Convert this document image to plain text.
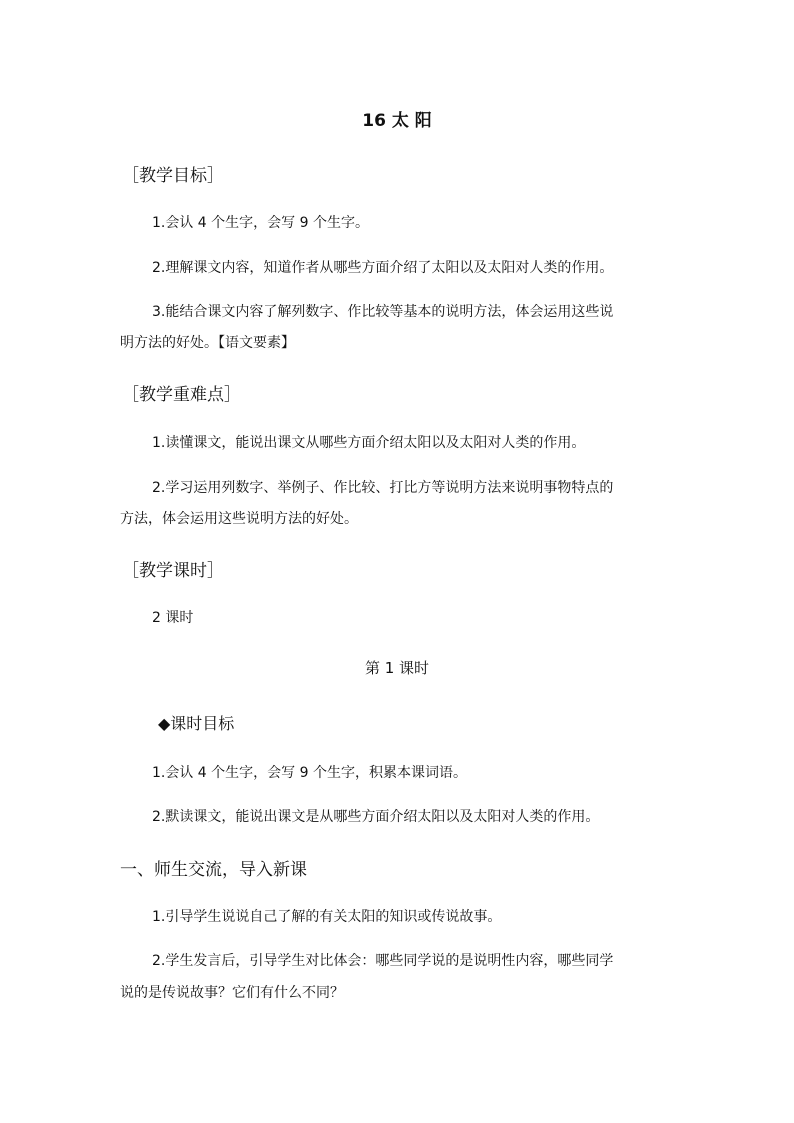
16 太 阳
［教学目标］
1.会认 4 个生字，会写 9 个生字。
2.理解课文内容，知道作者从哪些方面介绍了太阳以及太阳对人类的作用。
3.能结合课文内容了解列数字、作比较等基本的说明方法，体会运用这些说
明方法的好处。【语文要素】
［教学重难点］
1.读懂课文，能说出课文从哪些方面介绍太阳以及太阳对人类的作用。
2.学习运用列数字、举例子、作比较、打比方等说明方法来说明事物特点的
方法，体会运用这些说明方法的好处。
［教学课时］
2 课时
第 1 课时
◆课时目标
1.会认 4 个生字，会写 9 个生字，积累本课词语。
2.默读课文，能说出课文是从哪些方面介绍太阳以及太阳对人类的作用。
一、师生交流，导入新课
1.引导学生说说自己了解的有关太阳的知识或传说故事。
2.学生发言后，引导学生对比体会：哪些同学说的是说明性内容，哪些同学
说的是传说故事？它们有什么不同？
